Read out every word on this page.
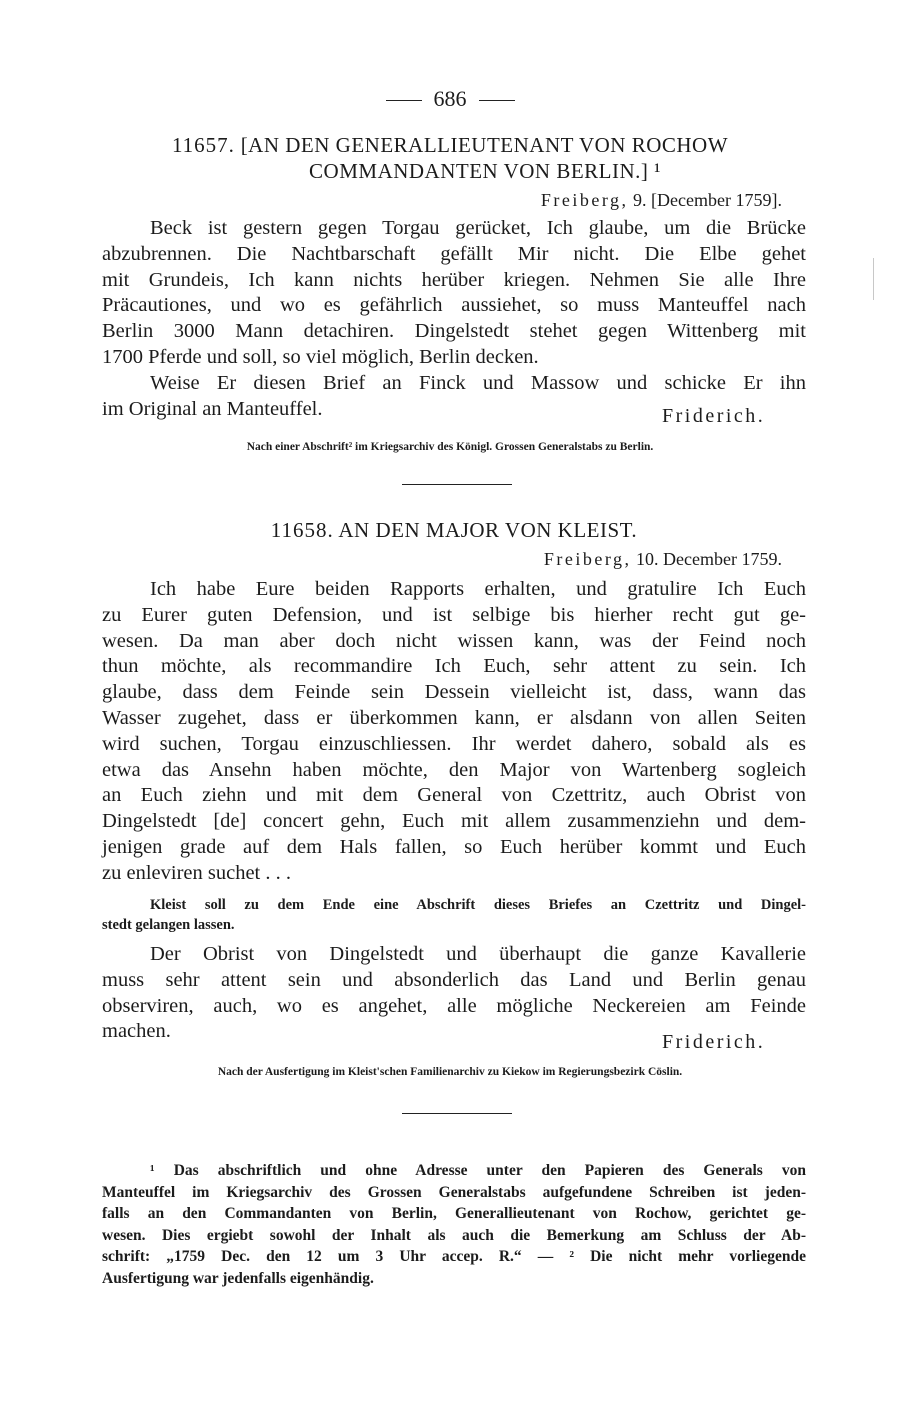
686
11657. [AN DEN GENERALLIEUTENANT VON ROCHOW
COMMANDANTEN VON BERLIN.] ¹
Freiberg, 9. [December 1759].
Beck ist gestern gegen Torgau gerücket, Ich glaube, um die Brücke
abzubrennen. Die Nachtbarschaft gefällt Mir nicht. Die Elbe gehet
mit Grundeis, Ich kann nichts herüber kriegen. Nehmen Sie alle Ihre
Präcautiones, und wo es gefährlich aussiehet, so muss Manteuffel nach
Berlin 3000 Mann detachiren. Dingelstedt stehet gegen Wittenberg mit
1700 Pferde und soll, so viel möglich, Berlin decken.
Weise Er diesen Brief an Finck und Massow und schicke Er ihn
im Original an Manteuffel.	Friderich.
Nach einer Abschrift² im Kriegsarchiv des Königl. Grossen Generalstabs zu Berlin.
11658. AN DEN MAJOR VON KLEIST.
Freiberg, 10. December 1759.
Ich habe Eure beiden Rapports erhalten, und gratulire Ich Euch
zu Eurer guten Defension, und ist selbige bis hierher recht gut ge-
wesen. Da man aber doch nicht wissen kann, was der Feind noch
thun möchte, als recommandire Ich Euch, sehr attent zu sein. Ich
glaube, dass dem Feinde sein Dessein vielleicht ist, dass, wann das
Wasser zugehet, dass er überkommen kann, er alsdann von allen Seiten
wird suchen, Torgau einzuschliessen. Ihr werdet dahero, sobald als es
etwa das Ansehn haben möchte, den Major von Wartenberg sogleich
an Euch ziehn und mit dem General von Czettritz, auch Obrist von
Dingelstedt [de] concert gehn, Euch mit allem zusammenziehn und dem-
jenigen grade auf dem Hals fallen, so Euch herüber kommt und Euch
zu enleviren suchet . . .
Kleist soll zu dem Ende eine Abschrift dieses Briefes an Czettritz und Dingel-
stedt gelangen lassen.
Der Obrist von Dingelstedt und überhaupt die ganze Kavallerie
muss sehr attent sein und absonderlich das Land und Berlin genau
observiren, auch, wo es angehet, alle mögliche Neckereien am Feinde
machen.	Friderich.
Nach der Ausfertigung im Kleist'schen Familienarchiv zu Kiekow im Regierungsbezirk Cöslin.
¹ Das abschriftlich und ohne Adresse unter den Papieren des Generals von
Manteuffel im Kriegsarchiv des Grossen Generalstabs aufgefundene Schreiben ist jeden-
falls an den Commandanten von Berlin, Generallieutenant von Rochow, gerichtet ge-
wesen. Dies ergiebt sowohl der Inhalt als auch die Bemerkung am Schluss der Ab-
schrift: „1759 Dec. den 12 um 3 Uhr accep. R.“ — ² Die nicht mehr vorliegende
Ausfertigung war jedenfalls eigenhändig.
